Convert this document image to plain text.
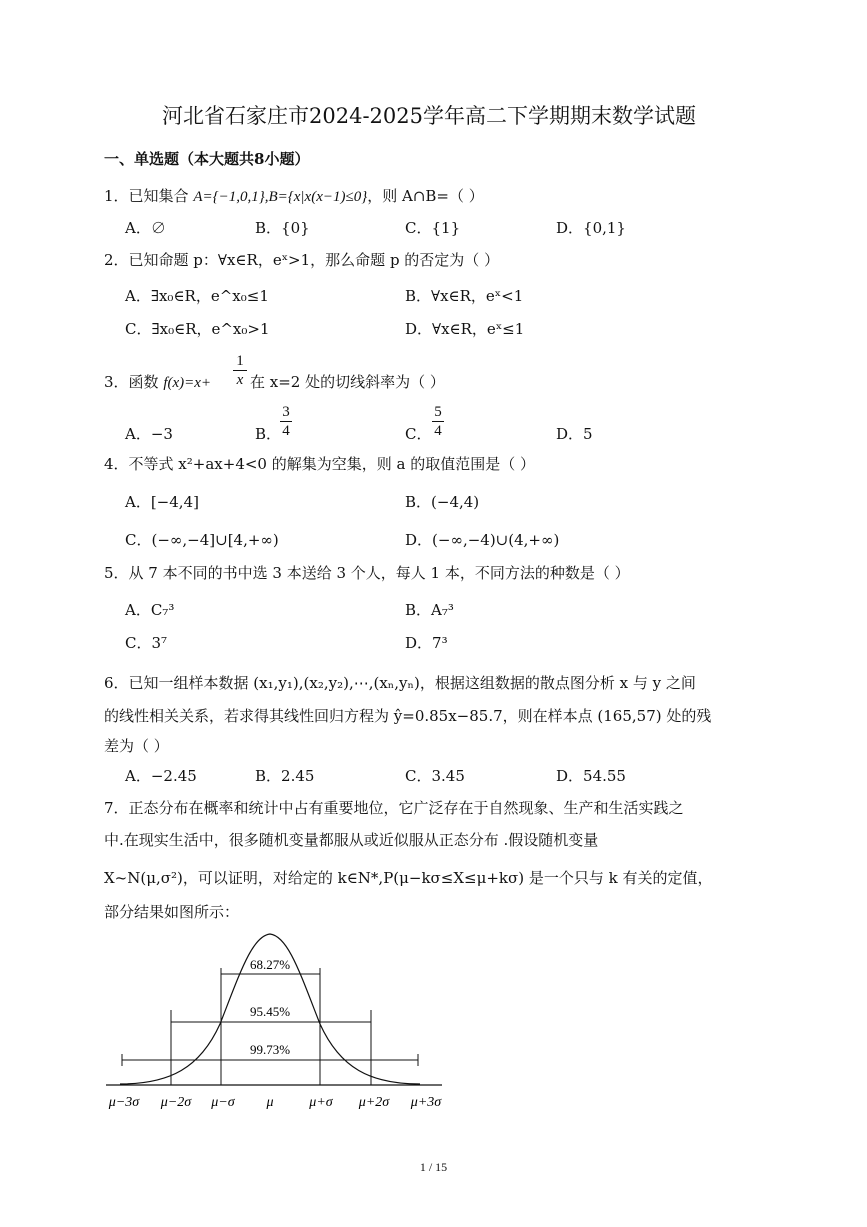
河北省石家庄市2024-2025学年高二下学期期末数学试题
一、单选题（本大题共8小题）
1．已知集合 A={−1,0,1},B={x|x(x−1)≤0}，则 A∩B=（ ）
A．∅	B．{0}	C．{1}	D．{0,1}
2．已知命题 p：∀x∈R，eˣ>1，那么命题 p 的否定为（ ）
A．∃x₀∈R，e^x₀≤1	B．∀x∈R，eˣ<1
C．∃x₀∈R，e^x₀>1	D．∀x∈R，eˣ≤1
3．函数 f(x)=x+
1
x 在 x=2 处的切线斜率为（ ）
A．−3	B．
3
4	C．
5
4	D．5
4．不等式 x²+ax+4<0 的解集为空集，则 a 的取值范围是（ ）
A．[−4,4]	B．(−4,4)
C．(−∞,−4]∪[4,+∞)	D．(−∞,−4)∪(4,+∞)
5．从 7 本不同的书中选 3 本送给 3 个人，每人 1 本，不同方法的种数是（ ）
A．C₇³	B．A₇³
C．3⁷	D．7³
6．已知一组样本数据 (x₁,y₁),(x₂,y₂),⋯,(xₙ,yₙ)，根据这组数据的散点图分析 x 与 y 之间
的线性相关关系，若求得其线性回归方程为 ŷ=0.85x−85.7，则在样本点 (165,57) 处的残
差为（ ）
A．−2.45	B．2.45	C．3.45	D．54.55
7．正态分布在概率和统计中占有重要地位，它广泛存在于自然现象、生产和生活实践之
中.在现实生活中，很多随机变量都服从或近似服从正态分布 .假设随机变量
X~N(μ,σ²)，可以证明，对给定的 k∈N*,P(μ−kσ≤X≤μ+kσ) 是一个只与 k 有关的定值，
部分结果如图所示：
68.27%
95.45%
99.73%
μ−3σ μ−2σ μ−σ μ	μ+σ μ+2σ μ+3σ
1 / 15
